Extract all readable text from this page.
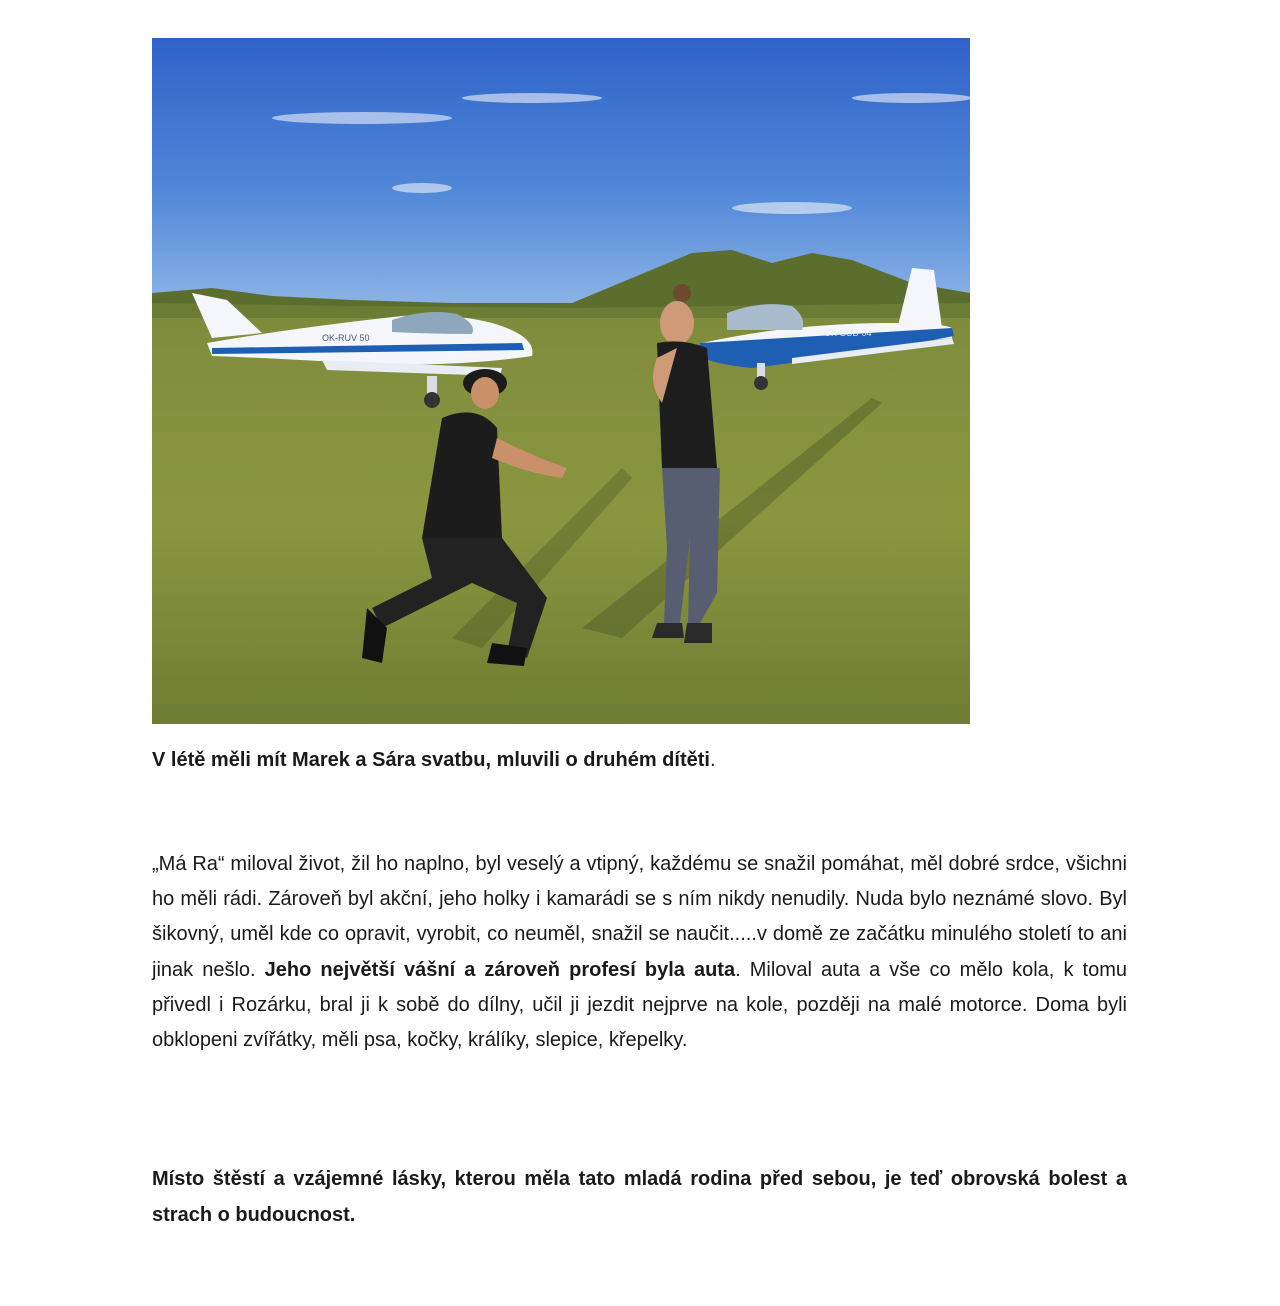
OK-RUV 50	OK-SUD 04

V létě měli mít Marek a Sára svatbu, mluvili o druhém dítěti.

„Má Ra“ miloval život, žil ho naplno, byl veselý a vtipný, každému se snažil pomáhat, měl dobré srdce, všichni ho měli rádi. Zároveň byl akční, jeho holky i kamarádi se s ním nikdy nenudily. Nuda bylo neznámé slovo. Byl šikovný, uměl kde co opravit, vyrobit, co neuměl, snažil se naučit.....v domě ze začátku minulého století to ani jinak nešlo. Jeho největší vášní a zároveň profesí byla auta. Miloval auta a vše co mělo kola, k tomu přivedl i Rozárku, bral ji k sobě do dílny, učil ji jezdit nejprve na kole, později na malé motorce. Doma byli obklopeni zvířátky, měli psa, kočky, králíky, slepice, křepelky.

Místo štěstí a vzájemné lásky, kterou měla tato mladá rodina před sebou, je teď obrovská bolest a strach o budoucnost.
